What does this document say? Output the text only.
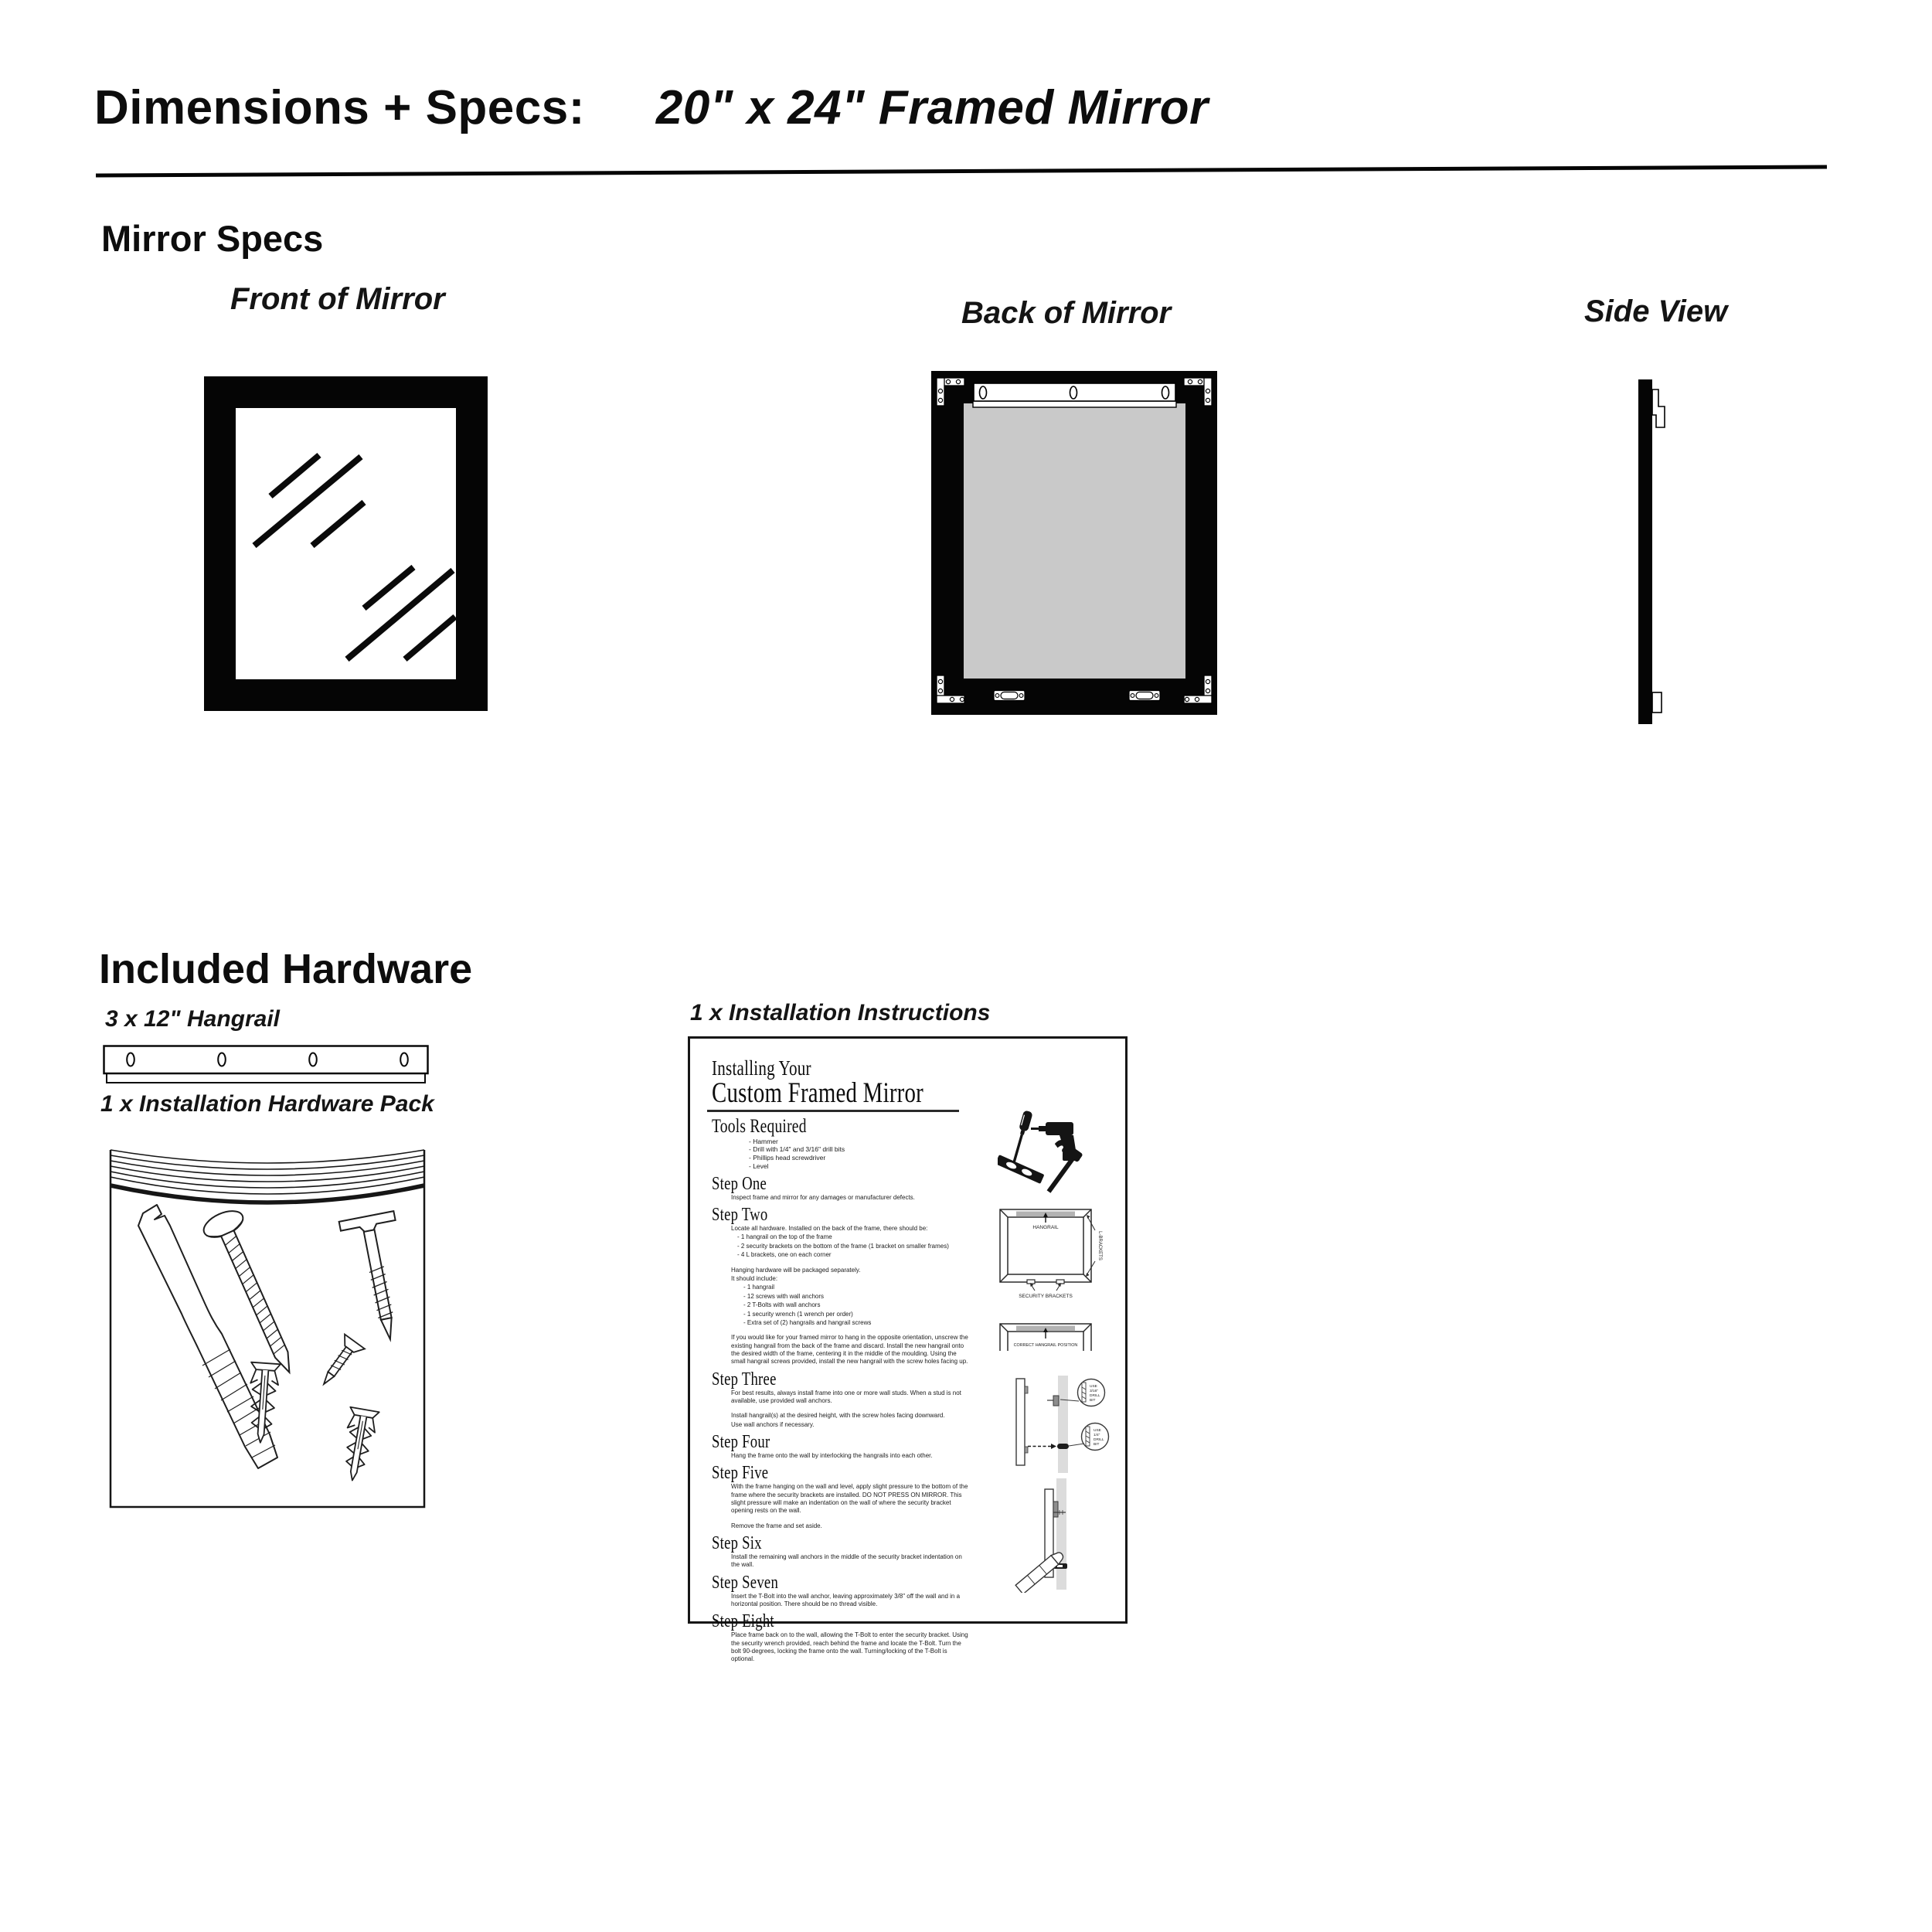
Dimensions + Specs: 20" x 24" Framed Mirror
Mirror Specs
Front of Mirror	Back of Mirror	Side View
Included Hardware
3 x 12" Hangrail
1 x Installation Hardware Pack
1 x Installation Instructions
Installing Your
Custom Framed Mirror
Tools Required

- Hammer

- Drill with 1/4" and 3/16" drill bits

- Phillips head screwdriver

- Level

Step One

Inspect frame and mirror for any damages or manufacturer defects.

Step Two

Locate all hardware. Installed on the back of the frame, there should be:

- 1 hangrail on the top of the frame

- 2 security brackets on the bottom of the frame (1 bracket on smaller frames)

- 4 L brackets, one on each corner

Hanging hardware will be packaged separately.

It should include:

- 1 hangrail

- 12 screws with wall anchors

- 2 T-Bolts with wall anchors

- 1 security wrench (1 wrench per order)

- Extra set of (2) hangrails and hangrail screws

If you would like for your framed mirror to hang in the opposite orientation, unscrew the existing hangrail from the back of the frame and discard. Install the new hangrail onto the desired width of the frame, centering it in the middle of the moulding. Using the small hangrail screws provided, install the new hangrail with the screw holes facing up.

Step Three

For best results, always install frame into one or more wall studs. When a stud is not available, use provided wall anchors.

Install hangrail(s) at the desired height, with the screw holes facing downward.

Use wall anchors if necessary.

Step Four

Hang the frame onto the wall by interlocking the hangrails into each other.

Step Five

With the frame hanging on the wall and level, apply slight pressure to the bottom of the frame where the security brackets are installed. DO NOT PRESS ON MIRROR. This slight pressure will make an indentation on the wall of where the security bracket opening rests on the wall.

Remove the frame and set aside.

Step Six

Install the remaining wall anchors in the middle of the security bracket indentation on the wall.

Step Seven

Insert the T-Bolt into the wall anchor, leaving approximately 3/8" off the wall and in a horizontal position. There should be no thread visible.

Step Eight

Place frame back on to the wall, allowing the T-Bolt to enter the security bracket. Using the security wrench provided, reach behind the frame and locate the T-Bolt. Turn the bolt 90-degrees, locking the frame onto the wall. Turning/locking of the T-Bolt is optional.

HANGRAIL
L-BRACKETS
SECURITY BRACKETS
CORRECT HANGRAIL POSITION
USE
3/16"
DRILL
BIT
USE
1/4"
DRILL
BIT
